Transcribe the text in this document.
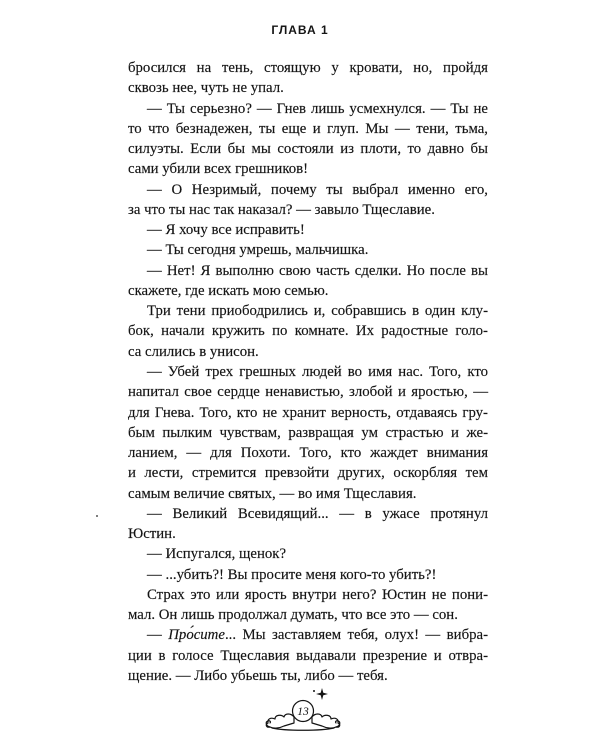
ГЛАВА 1
бросился на тень, стоящую у кровати, но, пройдя
сквозь нее, чуть не упал.
— Ты серьезно? — Гнев лишь усмехнулся. — Ты не
то что безнадежен, ты еще и глуп. Мы — тени, тьма,
силуэты. Если бы мы состояли из плоти, то давно бы
сами убили всех грешников!
— О Незримый, почему ты выбрал именно его,
за что ты нас так наказал? — завыло Тщеславие.
— Я хочу все исправить!
— Ты сегодня умрешь, мальчишка.
— Нет! Я выполню свою часть сделки. Но после вы
скажете, где искать мою семью.
Три тени приободрились и, собравшись в один клу-
бок, начали кружить по комнате. Их радостные голо-
са слились в унисон.
— Убей трех грешных людей во имя нас. Того, кто
напитал свое сердце ненавистью, злобой и яростью, —
для Гнева. Того, кто не хранит верность, отдаваясь гру-
бым пылким чувствам, развращая ум страстью и же-
ланием, — для Похоти. Того, кто жаждет внимания
и лести, стремится превзойти других, оскорбляя тем
самым величие святых, — во имя Тщеславия.
— Великий Всевидящий... — в ужасе протянул
Юстин.
— Испугался, щенок?
— ...убить?! Вы просите меня кого-то убить?!
Страх это или ярость внутри него? Юстин не пони-
мал. Он лишь продолжал думать, что все это — сон.
— Про́сите... Мы заставляем тебя, олух! — вибра-
ции в голосе Тщеславия выдавали презрение и отвра-
щение. — Либо убьешь ты, либо — тебя.
13
